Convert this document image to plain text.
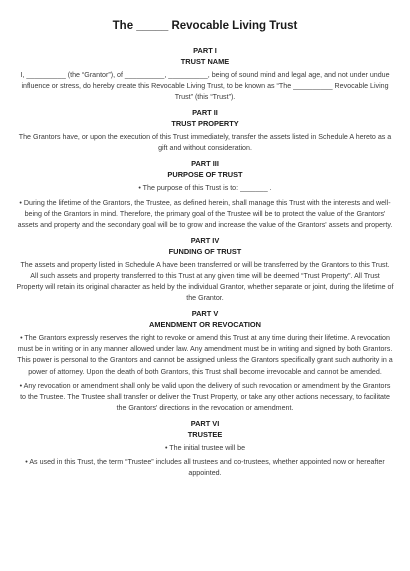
The _____ Revocable Living Trust
PART I
TRUST NAME

I, __________ (the “Grantor”), of __________, __________, being of sound mind and legal age, and not under undue influence or stress, do hereby create this Revocable Living Trust, to be known as “The __________ Revocable Living Trust” (this “Trust”).

PART II
TRUST PROPERTY

The Grantors have, or upon the execution of this Trust immediately, transfer the assets listed in Schedule A hereto as a gift and without consideration.

PART III
PURPOSE OF TRUST

• The purpose of this Trust is to: _______ .

• During the lifetime of the Grantors, the Trustee, as defined herein, shall manage this Trust with the interests and well-being of the Grantors in mind. Therefore, the primary goal of the Trustee will be to protect the value of the Grantors' assets and property and the secondary goal will be to grow and increase the value of the Grantors' assets and property.

PART IV
FUNDING OF TRUST

The assets and property listed in Schedule A have been transferred or will be transferred by the Grantors to this Trust. All such assets and property transferred to this Trust at any given time will be deemed “Trust Property”. All Trust Property will retain its original character as held by the individual Grantor, whether separate or joint, during the lifetime of the Grantor.

PART V
AMENDMENT OR REVOCATION

• The Grantors expressly reserves the right to revoke or amend this Trust at any time during their lifetime. A revocation must be in writing or in any manner allowed under law. Any amendment must be in writing and signed by both Grantors. This power is personal to the Grantors and cannot be assigned unless the Grantors specifically grant such authority in a power of attorney. Upon the death of both Grantors, this Trust shall become irrevocable and cannot be amended.

• Any revocation or amendment shall only be valid upon the delivery of such revocation or amendment by the Grantors to the Trustee. The Trustee shall transfer or deliver the Trust Property, or take any other actions necessary, to facilitate the Grantors' directions in the revocation or amendment.

PART VI
TRUSTEE

• The initial trustee will be

• As used in this Trust, the term “Trustee” includes all trustees and co-trustees, whether appointed now or hereafter appointed.
